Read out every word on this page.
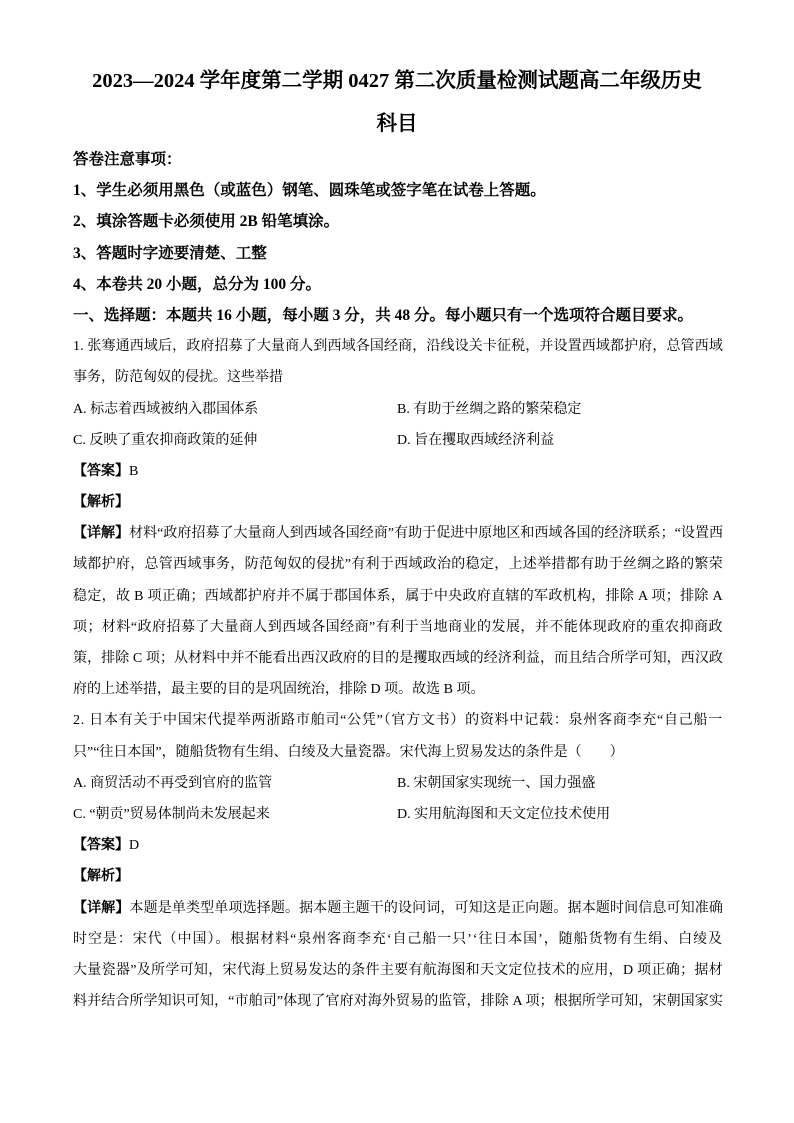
2023—2024 学年度第二学期 0427 第二次质量检测试题高二年级历史
科目
答卷注意事项：
1、学生必须用黑色（或蓝色）钢笔、圆珠笔或签字笔在试卷上答题。
2、填涂答题卡必须使用 2B 铅笔填涂。
3、答题时字迹要清楚、工整
4、本卷共 20 小题，总分为 100 分。
一、选择题：本题共 16 小题，每小题 3 分，共 48 分。每小题只有一个选项符合题目要求。
1. 张骞通西域后，政府招募了大量商人到西域各国经商，沿线设关卡征税，并设置西域都护府，总管西域
事务，防范匈奴的侵扰。这些举措
A. 标志着西域被纳入郡国体系	B. 有助于丝绸之路的繁荣稳定
C. 反映了重农抑商政策的延伸	D. 旨在攫取西域经济利益
【答案】B
【解析】
【详解】材料“政府招募了大量商人到西域各国经商”有助于促进中原地区和西域各国的经济联系；“设置西
域都护府，总管西域事务，防范匈奴的侵扰”有利于西域政治的稳定，上述举措都有助于丝绸之路的繁荣
稳定，故 B 项正确；西域都护府并不属于郡国体系，属于中央政府直辖的军政机构，排除 A 项；排除 A
项；材料“政府招募了大量商人到西域各国经商”有利于当地商业的发展，并不能体现政府的重农抑商政
策，排除 C 项；从材料中并不能看出西汉政府的目的是攫取西域的经济利益，而且结合所学可知，西汉政
府的上述举措，最主要的目的是巩固统治，排除 D 项。故选 B 项。
2. 日本有关于中国宋代提举两浙路市舶司“公凭”（官方文书）的资料中记载：泉州客商李充“自己船一
只”“往日本国”，随船货物有生绢、白绫及大量瓷器。宋代海上贸易发达的条件是（　　）
A. 商贸活动不再受到官府的监管	B. 宋朝国家实现统一、国力强盛
C. “朝贡”贸易体制尚未发展起来	D. 实用航海图和天文定位技术使用
【答案】D
【解析】
【详解】本题是单类型单项选择题。据本题主题干的设问词，可知这是正向题。据本题时间信息可知准确
时空是：宋代（中国）。根据材料“泉州客商李充‘自己船一只’‘往日本国’，随船货物有生绢、白绫及
大量瓷器”及所学可知，宋代海上贸易发达的条件主要有航海图和天文定位技术的应用，D 项正确；据材
料并结合所学知识可知，“市舶司”体现了官府对海外贸易的监管，排除 A 项；根据所学可知，宋朝国家实
